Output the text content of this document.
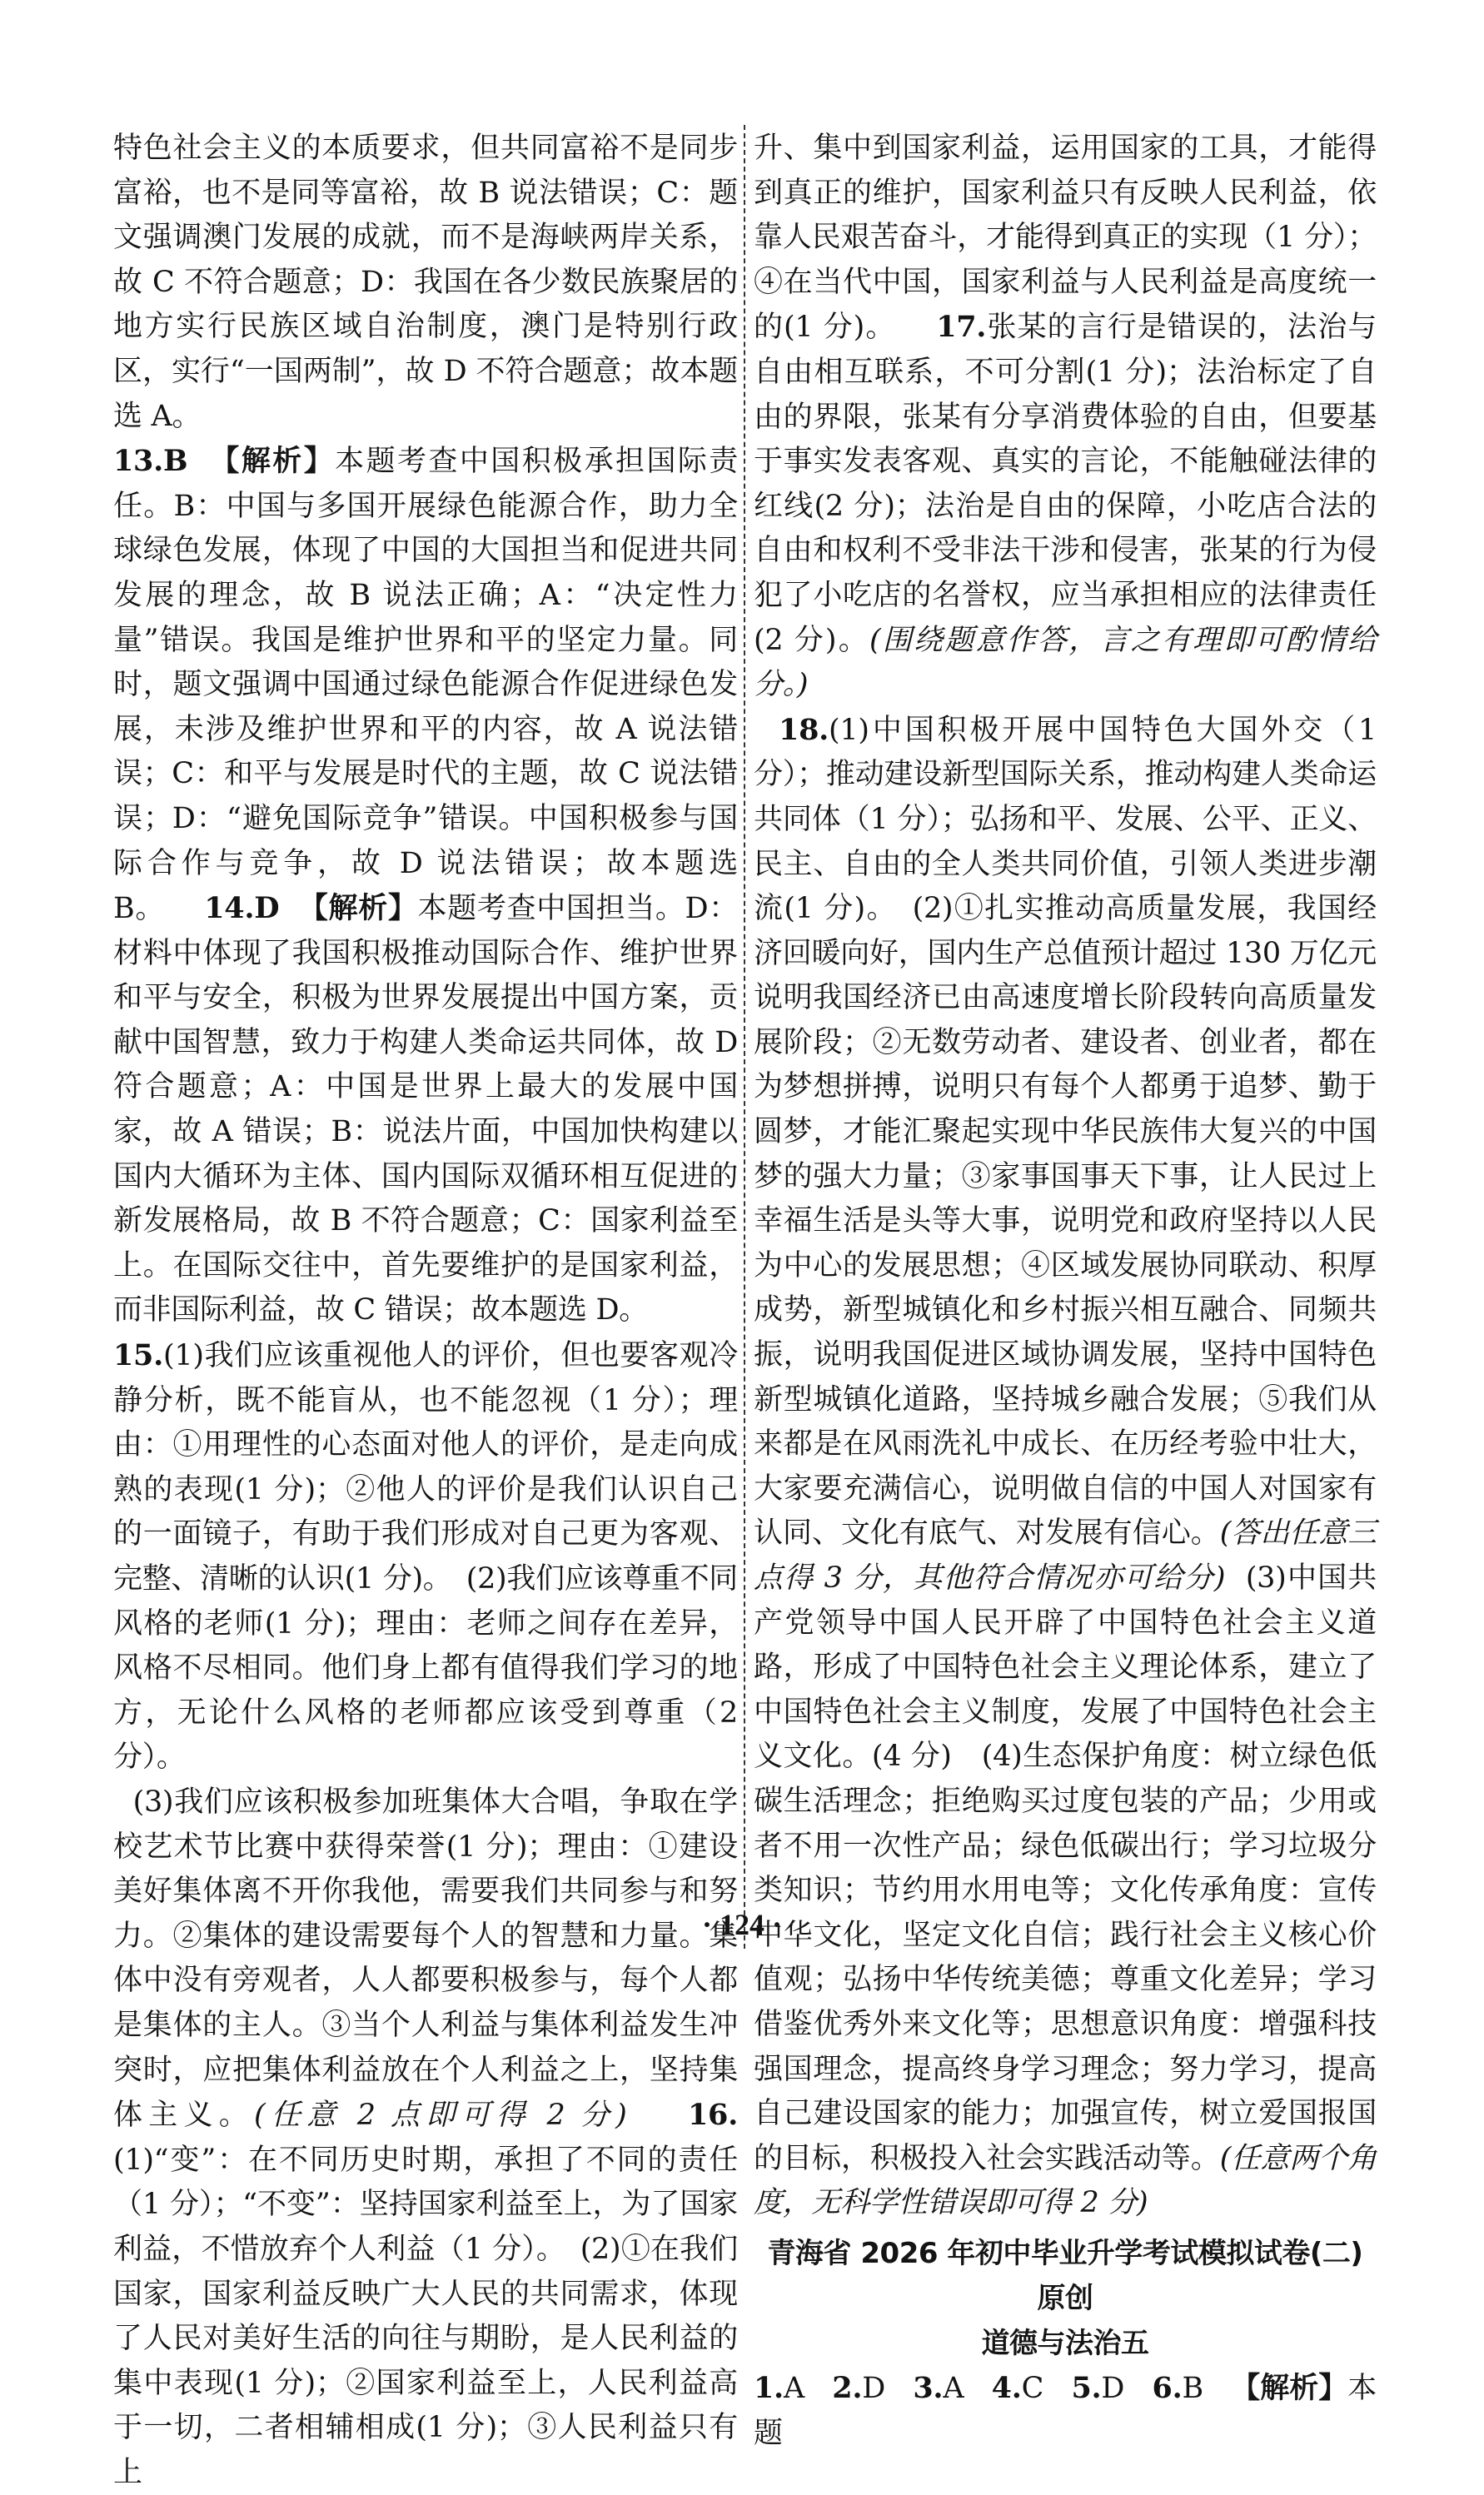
特色社会主义的本质要求，但共同富裕不是同步富裕，也不是同等富裕，故 B 说法错误；C：题文强调澳门发展的成就，而不是海峡两岸关系，故 C 不符合题意；D：我国在各少数民族聚居的地方实行民族区域自治制度，澳门是特别行政区，实行“一国两制”，故 D 不符合题意；故本题选 A。

13.B 【解析】本题考查中国积极承担国际责任。B：中国与多国开展绿色能源合作，助力全球绿色发展，体现了中国的大国担当和促进共同发展的理念，故 B 说法正确；A：“决定性力量”错误。我国是维护世界和平的坚定力量。同时，题文强调中国通过绿色能源合作促进绿色发展，未涉及维护世界和平的内容，故 A 说法错误；C：和平与发展是时代的主题，故 C 说法错误；D：“避免国际竞争”错误。中国积极参与国际合作与竞争，故 D 说法错误；故本题选 B。 14.D 【解析】本题考查中国担当。D：材料中体现了我国积极推动国际合作、维护世界和平与安全，积极为世界发展提出中国方案，贡献中国智慧，致力于构建人类命运共同体，故 D 符合题意；A：中国是世界上最大的发展中国家，故 A 错误；B：说法片面，中国加快构建以国内大循环为主体、国内国际双循环相互促进的新发展格局，故 B 不符合题意；C：国家利益至上。在国际交往中，首先要维护的是国家利益，而非国际利益，故 C 错误；故本题选 D。

15.(1)我们应该重视他人的评价，但也要客观冷静分析，既不能盲从，也不能忽视（1 分）；理由：①用理性的心态面对他人的评价，是走向成熟的表现(1 分)；②他人的评价是我们认识自己的一面镜子，有助于我们形成对自己更为客观、完整、清晰的认识(1 分)。　(2)我们应该尊重不同风格的老师(1 分)；理由：老师之间存在差异，风格不尽相同。他们身上都有值得我们学习的地方，无论什么风格的老师都应该受到尊重（2 分）。

(3)我们应该积极参加班集体大合唱，争取在学校艺术节比赛中获得荣誉(1 分)；理由：①建设美好集体离不开你我他，需要我们共同参与和努力。②集体的建设需要每个人的智慧和力量。集体中没有旁观者，人人都要积极参与，每个人都是集体的主人。③当个人利益与集体利益发生冲突时，应把集体利益放在个人利益之上，坚持集体主义。(任意 2 点即可得 2 分) 16.(1)“变”：在不同历史时期，承担了不同的责任（1 分）；“不变”：坚持国家利益至上，为了国家利益，不惜放弃个人利益（1 分）。　(2)①在我们国家，国家利益反映广大人民的共同需求，体现了人民对美好生活的向往与期盼，是人民利益的集中表现(1 分)；②国家利益至上，人民利益高于一切，二者相辅相成(1 分)；③人民利益只有上

升、集中到国家利益，运用国家的工具，才能得到真正的维护，国家利益只有反映人民利益，依靠人民艰苦奋斗，才能得到真正的实现（1 分）；④在当代中国，国家利益与人民利益是高度统一的(1 分)。 17.张某的言行是错误的，法治与自由相互联系，不可分割(1 分)；法治标定了自由的界限，张某有分享消费体验的自由，但要基于事实发表客观、真实的言论，不能触碰法律的红线(2 分)；法治是自由的保障，小吃店合法的自由和权利不受非法干涉和侵害，张某的行为侵犯了小吃店的名誉权，应当承担相应的法律责任(2 分)。(围绕题意作答，言之有理即可酌情给分。)

18.(1)中国积极开展中国特色大国外交（1 分）；推动建设新型国际关系，推动构建人类命运共同体（1 分）；弘扬和平、发展、公平、正义、民主、自由的全人类共同价值，引领人类进步潮流(1 分)。　(2)①扎实推动高质量发展，我国经济回暖向好，国内生产总值预计超过 130 万亿元说明我国经济已由高速度增长阶段转向高质量发展阶段；②无数劳动者、建设者、创业者，都在为梦想拼搏，说明只有每个人都勇于追梦、勤于圆梦，才能汇聚起实现中华民族伟大复兴的中国梦的强大力量；③家事国事天下事，让人民过上幸福生活是头等大事，说明党和政府坚持以人民为中心的发展思想；④区域发展协同联动、积厚成势，新型城镇化和乡村振兴相互融合、同频共振，说明我国促进区域协调发展，坚持中国特色新型城镇化道路，坚持城乡融合发展；⑤我们从来都是在风雨洗礼中成长、在历经考验中壮大，大家要充满信心，说明做自信的中国人对国家有认同、文化有底气、对发展有信心。(答出任意三点得 3 分，其他符合情况亦可给分) (3)中国共产党领导中国人民开辟了中国特色社会主义道路，形成了中国特色社会主义理论体系，建立了中国特色社会主义制度，发展了中国特色社会主义文化。(4 分)　(4)生态保护角度：树立绿色低碳生活理念；拒绝购买过度包装的产品；少用或者不用一次性产品；绿色低碳出行；学习垃圾分类知识；节约用水用电等；文化传承角度：宣传中华文化，坚定文化自信；践行社会主义核心价值观；弘扬中华传统美德；尊重文化差异；学习借鉴优秀外来文化等；思想意识角度：增强科技强国理念，提高终身学习理念；努力学习，提高自己建设国家的能力；加强宣传，树立爱国报国的目标，积极投入社会实践活动等。(任意两个角度，无科学性错误即可得 2 分)

青海省 2026 年初中毕业升学考试模拟试卷(二)原创
道德与法治五

1.A 2.D 3.A 4.C 5.D 6.B 【解析】本题

· 124 ·
